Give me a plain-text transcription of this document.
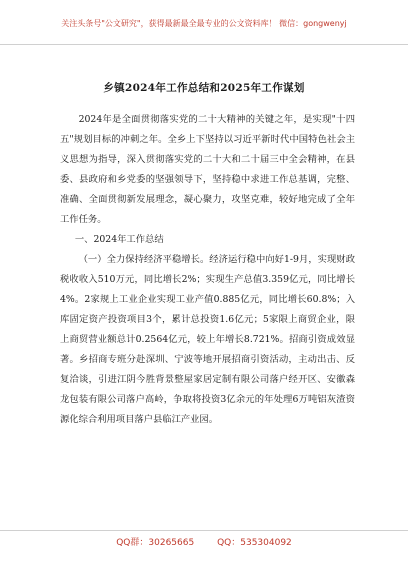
关注头条号"公文研究"，获得最新最全最专业的公文资料库！ 微信：gongwenyj
乡镇2024年工作总结和2025年工作谋划

2024年是全面贯彻落实党的二十大精神的关键之年，是实现"十四五"规划目标的冲刺之年。全乡上下坚持以习近平新时代中国特色社会主义思想为指导，深入贯彻落实党的二十大和二十届三中全会精神，在县委、县政府和乡党委的坚强领导下，坚持稳中求进工作总基调，完整、准确、全面贯彻新发展理念，凝心聚力，攻坚克难，较好地完成了全年工作任务。

一、2024年工作总结

（一）全力保持经济平稳增长。经济运行稳中向好1-9月，实现财政税收收入510万元，同比增长2%；实现生产总值3.359亿元，同比增长4%。2家规上工业企业实现工业产值0.885亿元，同比增长60.8%；入库固定资产投资项目3个，累计总投资1.6亿元；5家限上商贸企业，限上商贸营业额总计0.2564亿元，较上年增长8.721%。招商引资成效显著。乡招商专班分赴深圳、宁波等地开展招商引资活动，主动出击、反复洽谈，引进江阴今胜背景整屋家居定制有限公司落户经开区、安徽森龙包装有限公司落户高岭，争取将投资3亿余元的年处理6万吨铝灰渣资源化综合利用项目落户县临江产业园。

QQ群：30265665	QQ：535304092
